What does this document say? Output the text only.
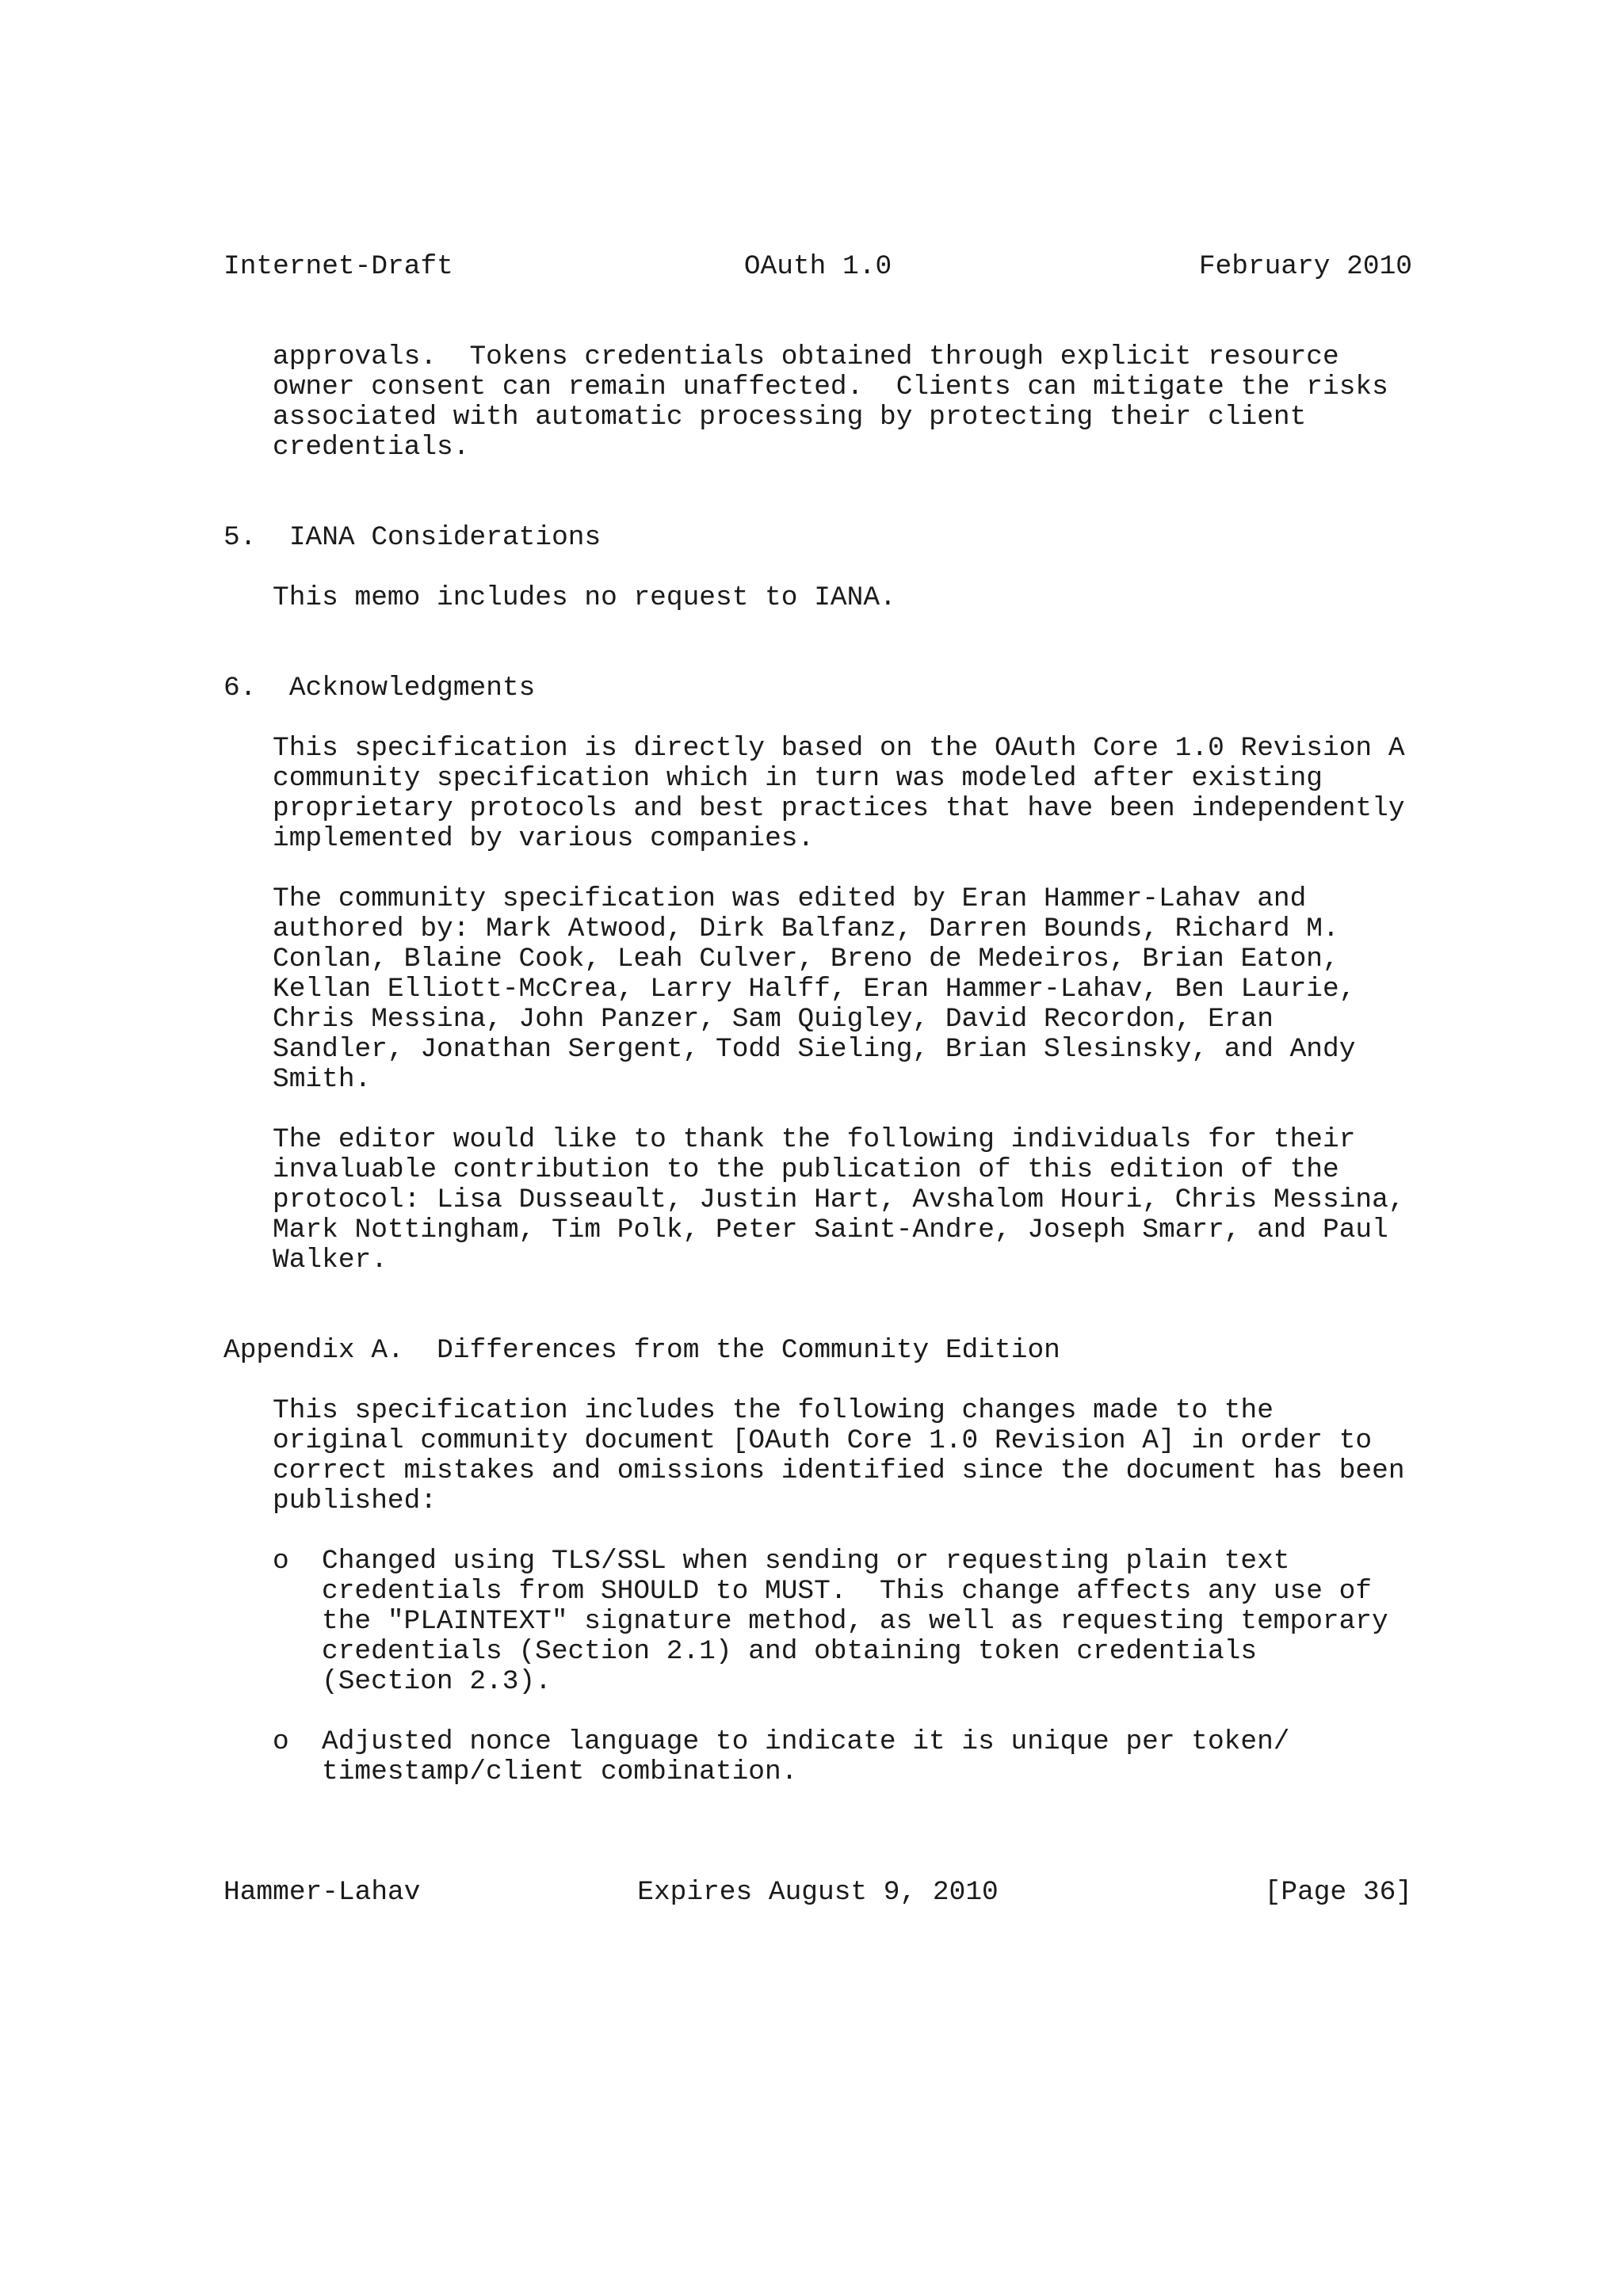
Internet-Draft

	OAuth 1.0

	February 2010

approvals.  Tokens credentials obtained through explicit resource
owner consent can remain unaffected.  Clients can mitigate the risks
associated with automatic processing by protecting their client
credentials.
5.  IANA Considerations
This memo includes no request to IANA.
6.  Acknowledgments
This specification is directly based on the OAuth Core 1.0 Revision A
community specification which in turn was modeled after existing
proprietary protocols and best practices that have been independently
implemented by various companies.
The community specification was edited by Eran Hammer-Lahav and
authored by: Mark Atwood, Dirk Balfanz, Darren Bounds, Richard M.
Conlan, Blaine Cook, Leah Culver, Breno de Medeiros, Brian Eaton,
Kellan Elliott-McCrea, Larry Halff, Eran Hammer-Lahav, Ben Laurie,
Chris Messina, John Panzer, Sam Quigley, David Recordon, Eran
Sandler, Jonathan Sergent, Todd Sieling, Brian Slesinsky, and Andy
Smith.
The editor would like to thank the following individuals for their
invaluable contribution to the publication of this edition of the
protocol: Lisa Dusseault, Justin Hart, Avshalom Houri, Chris Messina,
Mark Nottingham, Tim Polk, Peter Saint-Andre, Joseph Smarr, and Paul
Walker.
Appendix A.  Differences from the Community Edition
This specification includes the following changes made to the
original community document [OAuth Core 1.0 Revision A] in order to
correct mistakes and omissions identified since the document has been
published:
o Changed using TLS/SSL when sending or requesting plain text
credentials from SHOULD to MUST.  This change affects any use of
the "PLAINTEXT" signature method, as well as requesting temporary
credentials (Section 2.1) and obtaining token credentials
(Section 2.3).
o Adjusted nonce language to indicate it is unique per token/
timestamp/client combination.

Hammer-Lahav

	Expires August 9, 2010

	[Page 36]
